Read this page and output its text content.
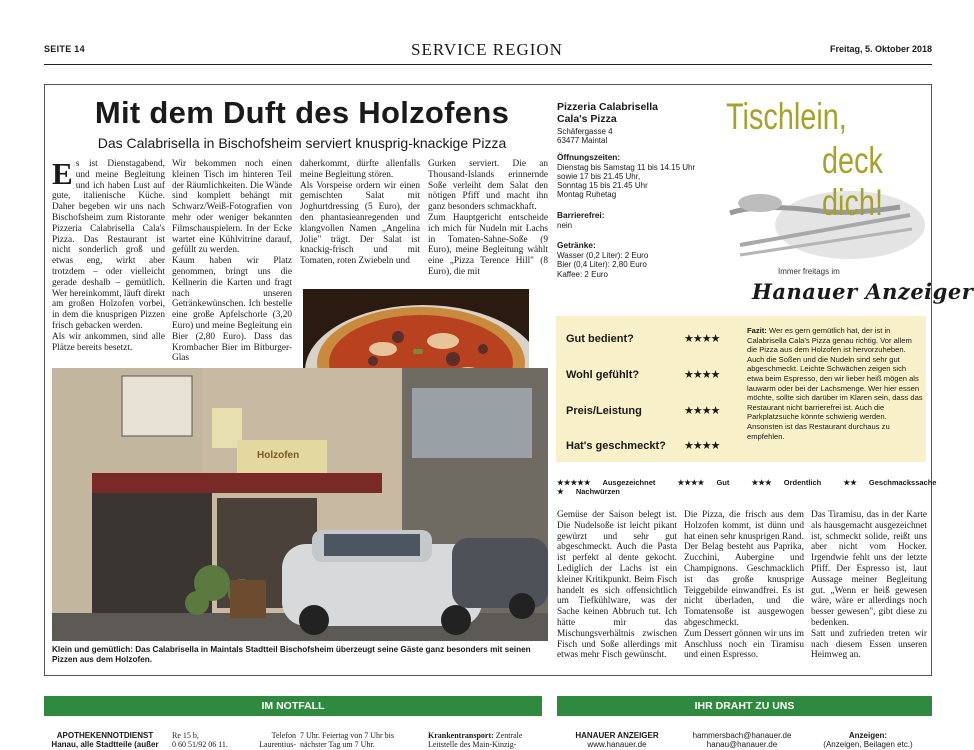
SEITE 14	SERVICE REGION	Freitag, 5. Oktober 2018
Mit dem Duft des Holzofens
Das Calabrisella in Bischofsheim serviert knusprig-knackige Pizza
Es ist Dienstagabend, und meine Begleitung und ich haben Lust auf gute, italienische Küche. Daher begeben wir uns nach Bischofsheim zum Ristorante Pizzeria Calabrisella Cala's Pizza. Das Restaurant ist nicht sonderlich groß und etwas eng, wirkt aber trotzdem – oder vielleicht gerade deshalb – gemütlich. Wer hereinkommt, läuft direkt am großen Holzofen vorbei, in dem die knusprigen Pizzen frisch gebacken werden.
Als wir ankommen, sind alle Plätze bereits besetzt.
Wir bekommen noch einen kleinen Tisch im hinteren Teil der Räumlichkeiten. Die Wände sind komplett behängt mit Schwarz/Weiß-Fotografien von mehr oder weniger bekannten Filmschauspielern. In der Ecke wartet eine Kühlvitrine darauf, gefüllt zu werden.
Kaum haben wir Platz genommen, bringt uns die Kellnerin die Karten und fragt nach unseren Getränkewünschen. Ich bestelle eine große Apfelschorle (3,20 Euro) und meine Begleitung ein Bier (2,80 Euro). Dass das Krombacher Bier im Bitburger-Glas
daherkommt, dürfte allenfalls meine Begleitung stören.
Als Vorspeise ordern wir einen gemischten Salat mit Joghurtdressing (5 Euro), der den phantasieanregenden und klangvollen Namen „Angelina Jolie" trägt. Der Salat ist knackig-frisch und mit Tomaten, roten Zwiebeln und
Gurken serviert. Die an Thousand-Islands erinnernde Soße verleiht dem Salat den nötigen Pfiff und macht ihn ganz besonders schmackhaft.
Zum Hauptgericht entscheide ich mich für Nudeln mit Lachs in Tomaten-Sahne-Soße (9 Euro), meine Begleitung wählt eine „Pizza Terence Hill" (8 Euro), die mit
Holzofen
Klein und gemütlich: Das Calabrisella in Maintals Stadtteil Bischofsheim überzeugt seine Gäste ganz besonders mit seinen Pizzen aus dem Holzofen.
Gemüse der Saison belegt ist. Die Nudelsoße ist leicht pikant gewürzt und sehr gut abgeschmeckt. Auch die Pasta ist perfekt al dente gekocht. Lediglich der Lachs ist ein kleiner Kritikpunkt. Beim Fisch handelt es sich offensichtlich um Tiefkühlware, was der Sache keinen Abbruch tut. Ich hätte mir das Mischungsverhältnis zwischen Fisch und Soße allerdings mit etwas mehr Fisch gewünscht.
Die Pizza, die frisch aus dem Holzofen kommt, ist dünn und hat einen sehr knusprigen Rand. Der Belag besteht aus Paprika, Zucchini, Aubergine und Champignons. Geschmacklich ist das große knusprige Teiggebilde einwandfrei. Es ist nicht überladen, und die Tomatensoße ist ausgewogen abgeschmeckt.
Zum Dessert gönnen wir uns im Anschluss noch ein Tiramisu und einen Espresso.
Das Tiramisu, das in der Karte als hausgemacht ausgezeichnet ist, schmeckt solide, reißt uns aber nicht vom Hocker. Irgendwie fehlt uns der letzte Pfiff. Der Espresso ist, laut Aussage meiner Begleitung gut. „Wenn er heiß gewesen wäre, wäre er allerdings noch besser gewesen", gibt diese zu bedenken.
Satt und zufrieden treten wir nach diesem Essen unseren Heimweg an.
Pizzeria Calabrisella
Cala's Pizza
Schäfergasse 4
63477 Maintal
Öffnungszeiten:
Dienstag bis Samstag 11 bis 14.15 Uhr
sowie 17 bis 21.45 Uhr,
Sonntag 15 bis 21.45 Uhr
Montag Ruhetag
Barrierefrei:
nein
Getränke:
Wasser (0,2 Liter): 2 Euro
Bier (0,4 Liter): 2,80 Euro
Kaffee: 2 Euro
Tischlein,
deck dich!
Immer freitags im
Hanauer Anzeiger
Gut bedient?	★★★★
Wohl gefühlt?	★★★★
Preis/Leistung	★★★★
Hat's geschmeckt? ★★★★
Fazit: Wer es gern gemütlich hat, der ist in Calabrisella Cala's Pizza genau richtig. Vor allem die Pizza aus dem Holzofen ist hervorzuheben. Auch die Soßen und die Nudeln sind sehr gut abgeschmeckt. Leichte Schwächen zeigen sich etwa beim Espresso, den wir lieber heiß mögen als lauwarm oder bei der Lachsmenge. Wer hier essen möchte, sollte sich darüber im Klaren sein, dass das Restaurant nicht barrierefrei ist. Auch die Parkplatzsuche könnte schwierig werden. Ansonsten ist das Restaurant durchaus zu empfehlen.
★★★★★ Ausgezeichnet	★★★★ Gut	★★★ Ordentlich	★★ Geschmackssache ★ Nachwürzen
IM NOTFALL	IHR DRAHT ZU UNS
APOTHEKENNOTDIENST
Hanau, alle Stadtteile (außer
Re 15 b,
0 60 51/92 06 11.
Telefon
Laurentius-
7 Uhr. Feiertag von 7 Uhr bis
nächster Tag um 7 Uhr.
Krankentransport: Zentrale
Leitstelle des Main-Kinzig-
HANAUER ANZEIGER
www.hanauer.de
hammersbach@hanauer.de
hanau@hanauer.de
Anzeigen:
(Anzeigen, Beilagen etc.)
